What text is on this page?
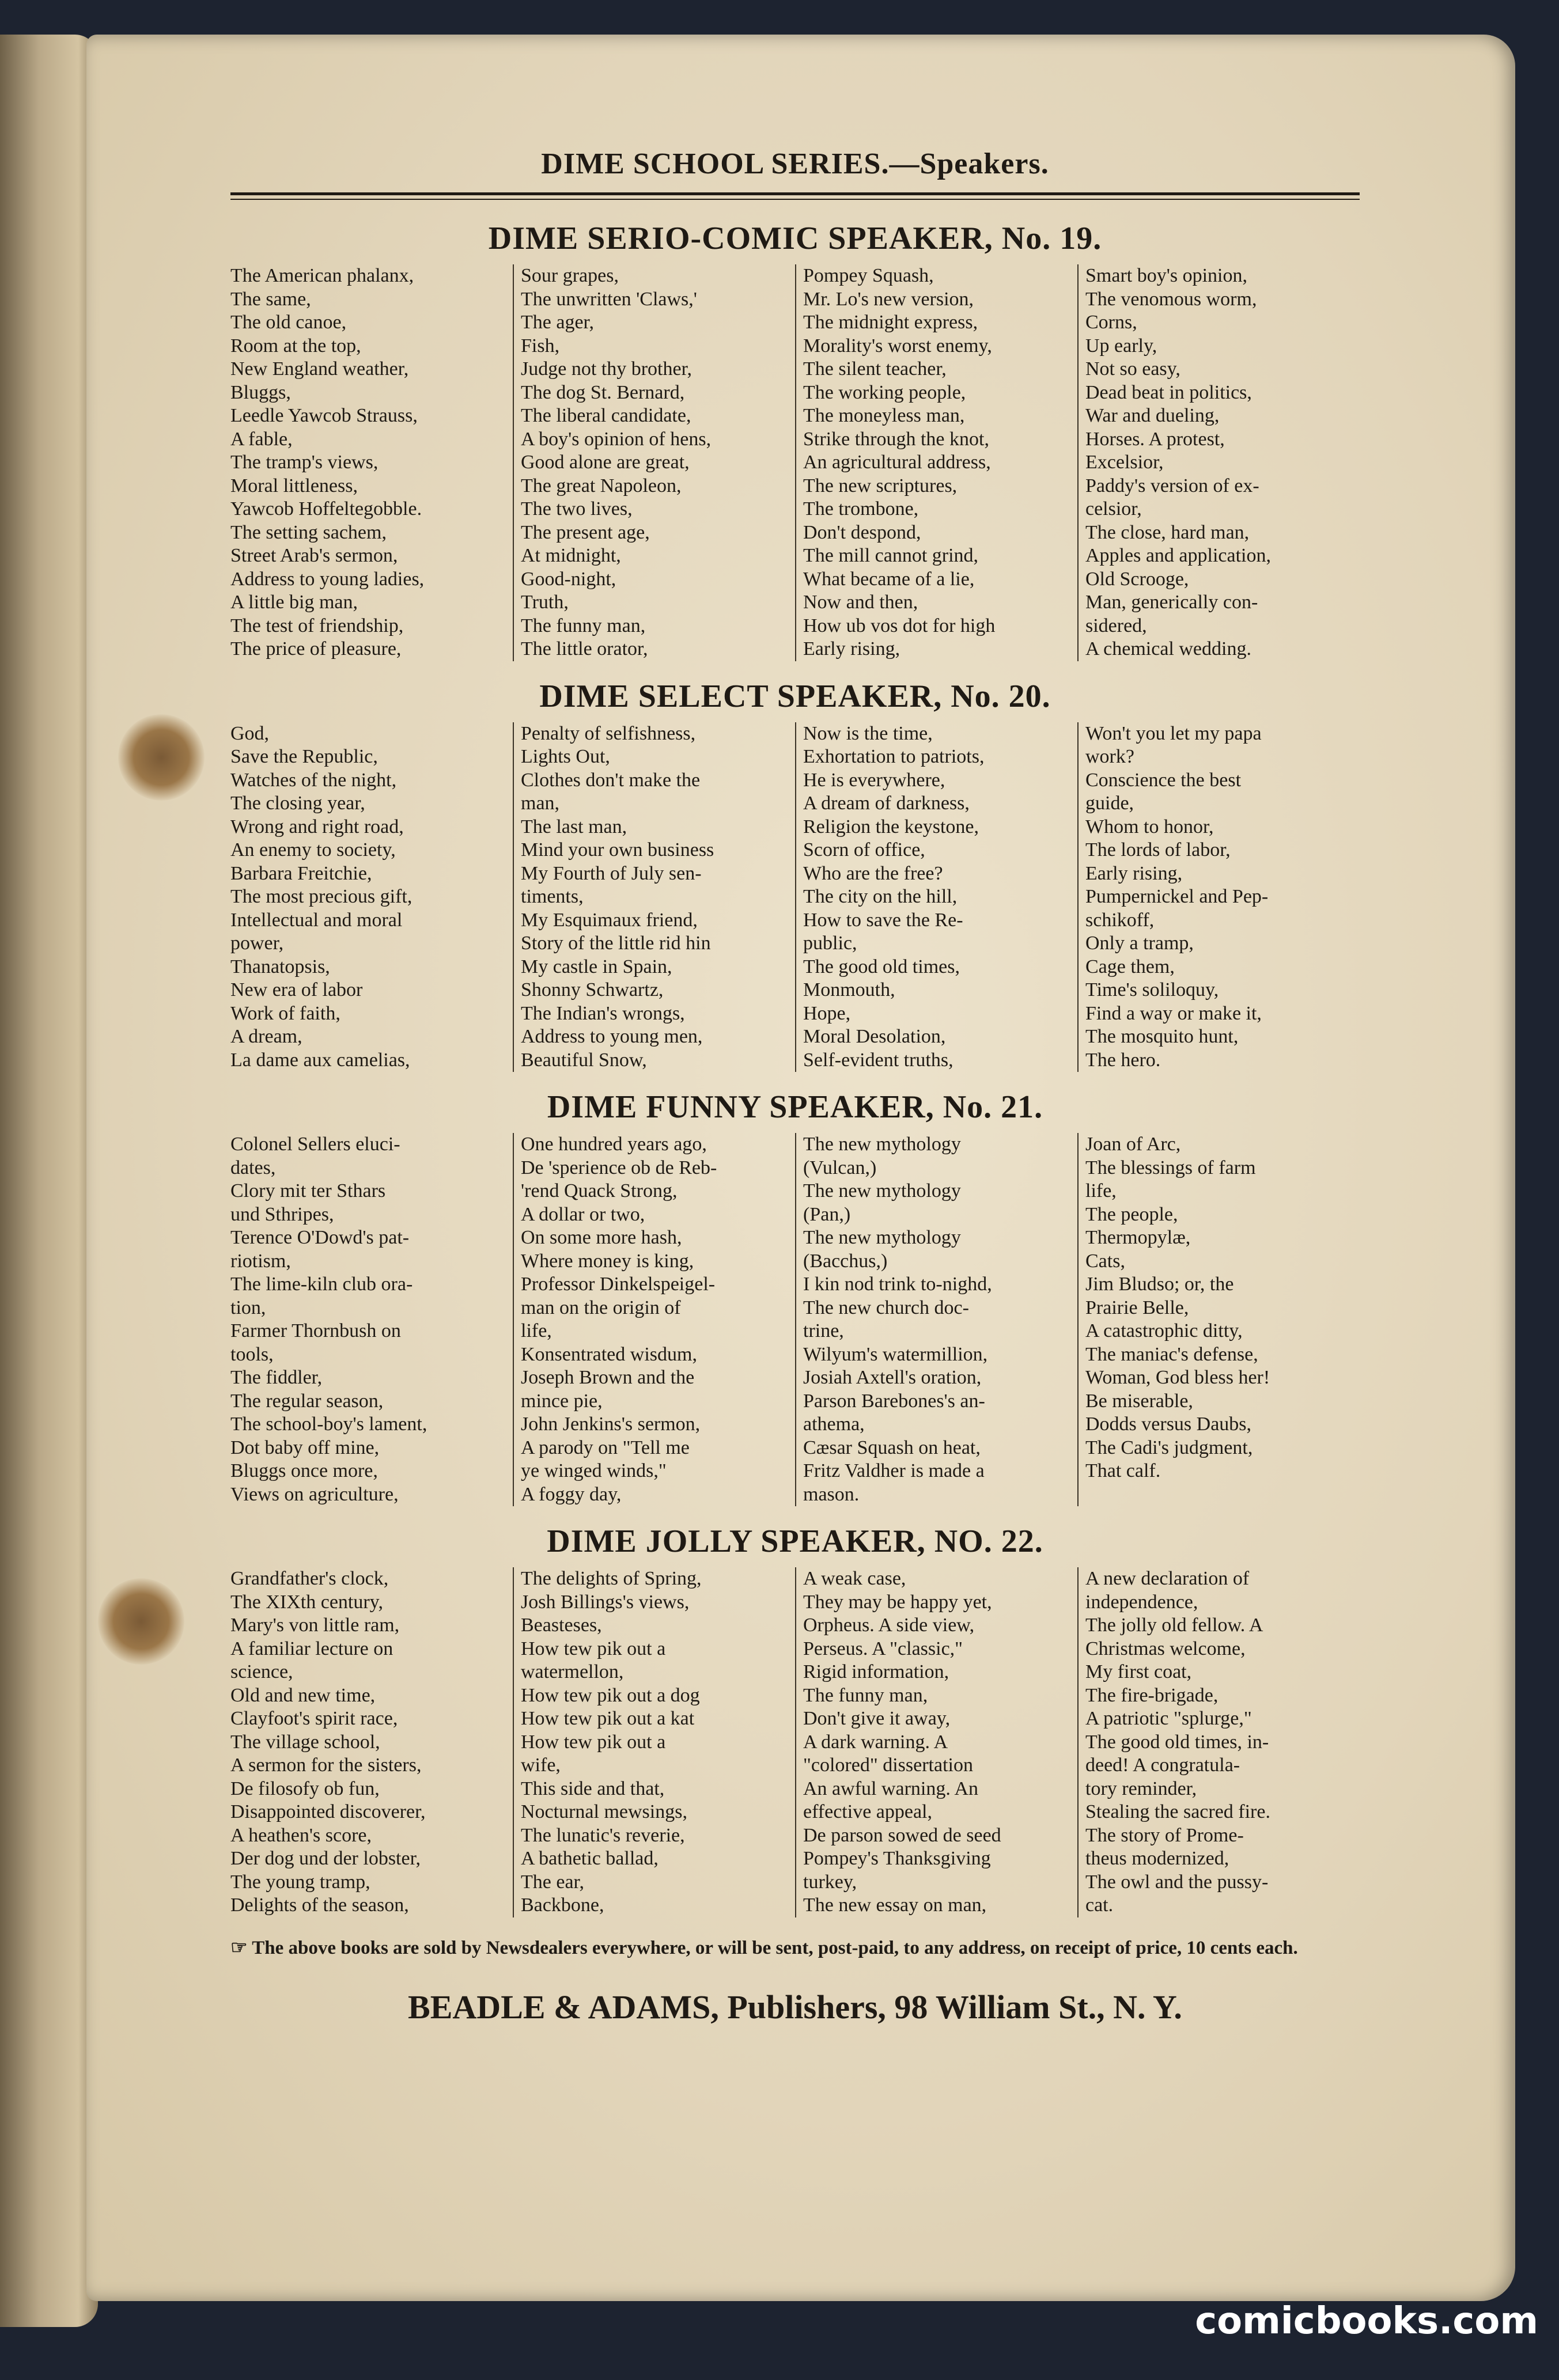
DIME SCHOOL SERIES.—Speakers.
DIME SERIO-COMIC SPEAKER, No. 19.
The American phalanx,
The same,
The old canoe,
Room at the top,
New England weather,
Bluggs,
Leedle Yawcob Strauss,
A fable,
The tramp's views,
Moral littleness,
Yawcob Hoffeltegobble.
The setting sachem,
Street Arab's sermon,
Address to young ladies,
A little big man,
The test of friendship,
The price of pleasure,
Sour grapes,
The unwritten 'Claws,'
The ager,
Fish,
Judge not thy brother,
The dog St. Bernard,
The liberal candidate,
A boy's opinion of hens,
Good alone are great,
The great Napoleon,
The two lives,
The present age,
At midnight,
Good-night,
Truth,
The funny man,
The little orator,
Pompey Squash,
Mr. Lo's new version,
The midnight express,
Morality's worst enemy,
The silent teacher,
The working people,
The moneyless man,
Strike through the knot,
An agricultural address,
The new scriptures,
The trombone,
Don't despond,
The mill cannot grind,
What became of a lie,
Now and then,
How ub vos dot for high
Early rising,
Smart boy's opinion,
The venomous worm,
Corns,
Up early,
Not so easy,
Dead beat in politics,
War and dueling,
Horses. A protest,
Excelsior,
Paddy's version of ex-
celsior,
The close, hard man,
Apples and application,
Old Scrooge,
Man, generically con-
sidered,
A chemical wedding.
DIME SELECT SPEAKER, No. 20.
God,
Save the Republic,
Watches of the night,
The closing year,
Wrong and right road,
An enemy to society,
Barbara Freitchie,
The most precious gift,
Intellectual and moral
power,
Thanatopsis,
New era of labor
Work of faith,
A dream,
La dame aux camelias,
Penalty of selfishness,
Lights Out,
Clothes don't make the
man,
The last man,
Mind your own business
My Fourth of July sen-
timents,
My Esquimaux friend,
Story of the little rid hin
My castle in Spain,
Shonny Schwartz,
The Indian's wrongs,
Address to young men,
Beautiful Snow,
Now is the time,
Exhortation to patriots,
He is everywhere,
A dream of darkness,
Religion the keystone,
Scorn of office,
Who are the free?
The city on the hill,
How to save the Re-
public,
The good old times,
Monmouth,
Hope,
Moral Desolation,
Self-evident truths,
Won't you let my papa
work?
Conscience the best
guide,
Whom to honor,
The lords of labor,
Early rising,
Pumpernickel and Pep-
schikoff,
Only a tramp,
Cage them,
Time's soliloquy,
Find a way or make it,
The mosquito hunt,
The hero.
DIME FUNNY SPEAKER, No. 21.
Colonel Sellers eluci-
dates,
Clory mit ter Sthars
und Sthripes,
Terence O'Dowd's pat-
riotism,
The lime-kiln club ora-
tion,
Farmer Thornbush on
tools,
The fiddler,
The regular season,
The school-boy's lament,
Dot baby off mine,
Bluggs once more,
Views on agriculture,
One hundred years ago,
De 'sperience ob de Reb-
'rend Quack Strong,
A dollar or two,
On some more hash,
Where money is king,
Professor Dinkelspeigel-
man on the origin of
life,
Konsentrated wisdum,
Joseph Brown and the
mince pie,
John Jenkins's sermon,
A parody on "Tell me
ye winged winds,"
A foggy day,
The new mythology
(Vulcan,)
The new mythology
(Pan,)
The new mythology
(Bacchus,)
I kin nod trink to-nighd,
The new church doc-
trine,
Wilyum's watermillion,
Josiah Axtell's oration,
Parson Barebones's an-
athema,
Cæsar Squash on heat,
Fritz Valdher is made a
mason.
Joan of Arc,
The blessings of farm
life,
The people,
Thermopylæ,
Cats,
Jim Bludso; or, the
Prairie Belle,
A catastrophic ditty,
The maniac's defense,
Woman, God bless her!
Be miserable,
Dodds versus Daubs,
The Cadi's judgment,
That calf.
DIME JOLLY SPEAKER, NO. 22.
Grandfather's clock,
The XIXth century,
Mary's von little ram,
A familiar lecture on
science,
Old and new time,
Clayfoot's spirit race,
The village school,
A sermon for the sisters,
De filosofy ob fun,
Disappointed discoverer,
A heathen's score,
Der dog und der lobster,
The young tramp,
Delights of the season,
The delights of Spring,
Josh Billings's views,
Beasteses,
How tew pik out a
watermellon,
How tew pik out a dog
How tew pik out a kat
How tew pik out a
wife,
This side and that,
Nocturnal mewsings,
The lunatic's reverie,
A bathetic ballad,
The ear,
Backbone,
A weak case,
They may be happy yet,
Orpheus. A side view,
Perseus. A "classic,"
Rigid information,
The funny man,
Don't give it away,
A dark warning. A
"colored" dissertation
An awful warning. An
effective appeal,
De parson sowed de seed
Pompey's Thanksgiving
turkey,
The new essay on man,
A new declaration of
independence,
The jolly old fellow. A
Christmas welcome,
My first coat,
The fire-brigade,
A patriotic "splurge,"
The good old times, in-
deed! A congratula-
tory reminder,
Stealing the sacred fire.
The story of Prome-
theus modernized,
The owl and the pussy-
cat.
☞ The above books are sold by Newsdealers everywhere, or will be sent, post-paid, to any address, on receipt of price, 10 cents each.
BEADLE & ADAMS, Publishers, 98 William St., N. Y.
comicbooks.com
